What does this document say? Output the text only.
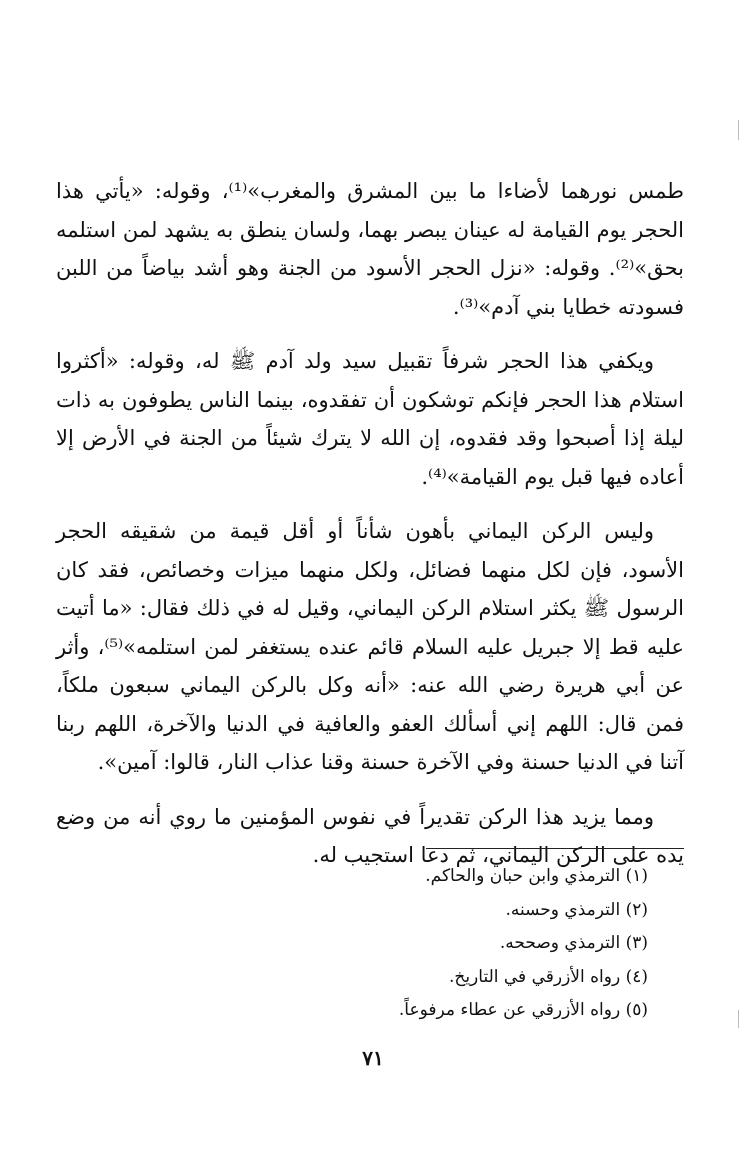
طمس نورهما لأضاءا ما بين المشرق والمغرب»⁽¹⁾، وقوله: «يأتي هذا الحجر يوم القيامة له عينان يبصر بهما، ولسان ينطق به يشهد لمن استلمه بحق»⁽²⁾. وقوله: «نزل الحجر الأسود من الجنة وهو أشد بياضاً من اللبن فسودته خطايا بني آدم»⁽³⁾.

ويكفي هذا الحجر شرفاً تقبيل سيد ولد آدم ﷺ له، وقوله: «أكثروا استلام هذا الحجر فإنكم توشكون أن تفقدوه، بينما الناس يطوفون به ذات ليلة إذا أصبحوا وقد فقدوه، إن الله لا يترك شيئاً من الجنة في الأرض إلا أعاده فيها قبل يوم القيامة»⁽⁴⁾.

وليس الركن اليماني بأهون شأناً أو أقل قيمة من شقيقه الحجر الأسود، فإن لكل منهما فضائل، ولكل منهما ميزات وخصائص، فقد كان الرسول ﷺ يكثر استلام الركن اليماني، وقيل له في ذلك فقال: «ما أتيت عليه قط إلا جبريل عليه السلام قائم عنده يستغفر لمن استلمه»⁽⁵⁾، وأثر عن أبي هريرة رضي الله عنه: «أنه وكل بالركن اليماني سبعون ملكاً، فمن قال: اللهم إني أسألك العفو والعافية في الدنيا والآخرة، اللهم ربنا آتنا في الدنيا حسنة وفي الآخرة حسنة وقنا عذاب النار، قالوا: آمين».

ومما يزيد هذا الركن تقديراً في نفوس المؤمنين ما روي أنه من وضع يده على الركن اليماني، ثم دعا استجيب له.

(١) الترمذي وابن حبان والحاكم.
(٢) الترمذي وحسنه.
(٣) الترمذي وصححه.
(٤) رواه الأزرقي في التاريخ.
(٥) رواه الأزرقي عن عطاء مرفوعاً.
٧١
